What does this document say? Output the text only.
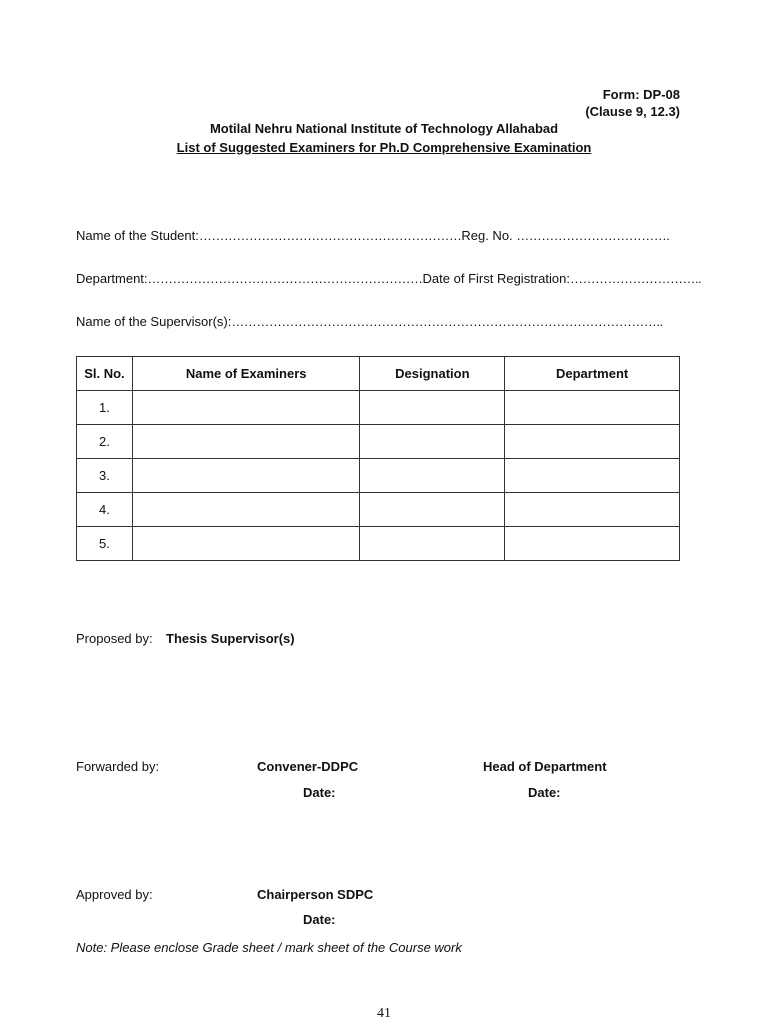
Form: DP-08
(Clause 9, 12.3)
Motilal Nehru National Institute of Technology Allahabad
List of Suggested Examiners for Ph.D Comprehensive Examination
Name of the Student:………………………………………………………Reg. No. ……………………………….
Department:…………………………………………………………Date of First Registration:…………………………..
Name of the Supervisor(s):…………………………………………………………………………………………..
Sl. No.	Name of Examiners	Designation	Department
1.			
2.			
3.			
4.			
5.			
Proposed by: Thesis Supervisor(s)
Forwarded by:	Convener-DDPC
Date:
Head of Department
Date:
Approved by:	Chairperson SDPC
Date:
Note: Please enclose Grade sheet / mark sheet of the Course work
41
